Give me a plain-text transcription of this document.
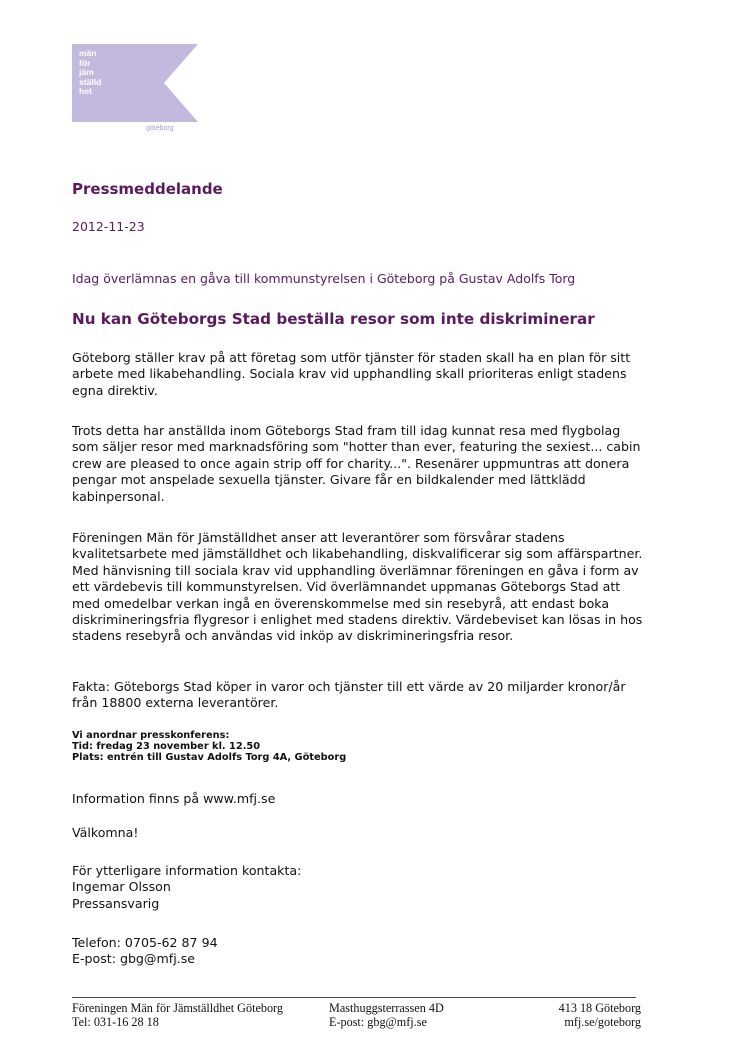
män
för
jäm
ställd
het
göteborg
Pressmeddelande
2012-11-23
Idag överlämnas en gåva till kommunstyrelsen i Göteborg på Gustav Adolfs Torg
Nu kan Göteborgs Stad beställa resor som inte diskriminerar
Göteborg ställer krav på att företag som utför tjänster för staden skall ha en plan för sitt
arbete med likabehandling. Sociala krav vid upphandling skall prioriteras enligt stadens
egna direktiv.
Trots detta har anställda inom Göteborgs Stad fram till idag kunnat resa med flygbolag
som säljer resor med marknadsföring som "hotter than ever, featuring the sexiest... cabin
crew are pleased to once again strip off for charity...". Resenärer uppmuntras att donera
pengar mot anspelade sexuella tjänster. Givare får en bildkalender med lättklädd
kabinpersonal.
Föreningen Män för Jämställdhet anser att leverantörer som försvårar stadens
kvalitetsarbete med jämställdhet och likabehandling, diskvalificerar sig som affärspartner.
Med hänvisning till sociala krav vid upphandling överlämnar föreningen en gåva i form av
ett värdebevis till kommunstyrelsen. Vid överlämnandet uppmanas Göteborgs Stad att
med omedelbar verkan ingå en överenskommelse med sin resebyrå, att endast boka
diskrimineringsfria flygresor i enlighet med stadens direktiv. Värdebeviset kan lösas in hos
stadens resebyrå och användas vid inköp av diskrimineringsfria resor.
Fakta: Göteborgs Stad köper in varor och tjänster till ett värde av 20 miljarder kronor/år
från 18800 externa leverantörer.
Vi anordnar presskonferens:
Tid: fredag 23 november kl. 12.50
Plats: entrén till Gustav Adolfs Torg 4A, Göteborg
Information finns på www.mfj.se
Välkomna!
För ytterligare information kontakta:
Ingemar Olsson
Pressansvarig
Telefon: 0705-62 87 94
E-post: gbg@mfj.se
Föreningen Män för Jämställdhet Göteborg
Tel: 031-16 28 18
Masthuggsterrassen 4D
E-post: gbg@mfj.se
413 18 Göteborg
mfj.se/goteborg
